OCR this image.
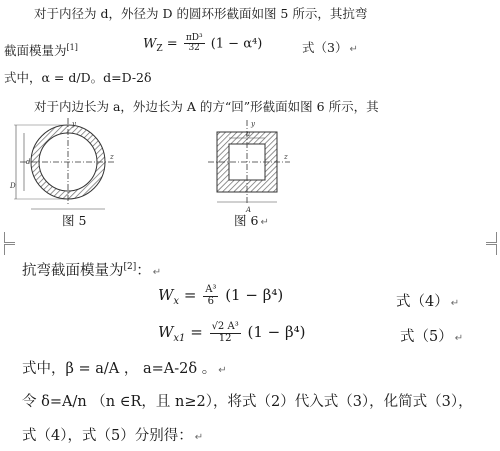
对于内径为 d，外径为 D 的圆环形截面如图 5 所示，其抗弯
截面模量为[1]	$W_Z = \frac{\text{πD³}}{32} (1 - \alpha^4)$	式（3） ↵
式中，α = d/D。d=D-2δ
对于内边长为 a，外边长为 A 的方“回”形截面如图 6 所示，其
y
z
d
D
y
z
a
A
图 5	图 6 ↵
抗弯截面模量为[2]： ↵
$W_x = \frac{\text{A³}}{6} (1 - \beta^4)$	式（4） ↵
$W_{x1} = \frac{\text{√2 A³}}{12} (1 - \beta^4)$	式（5） ↵
式中，β = a/A ， a=A-2δ 。 ↵
令 δ=A/n （n ∈R，且 n≥2），将式（2）代入式（3），化简式（3），
式（4），式（5）分别得： ↵
